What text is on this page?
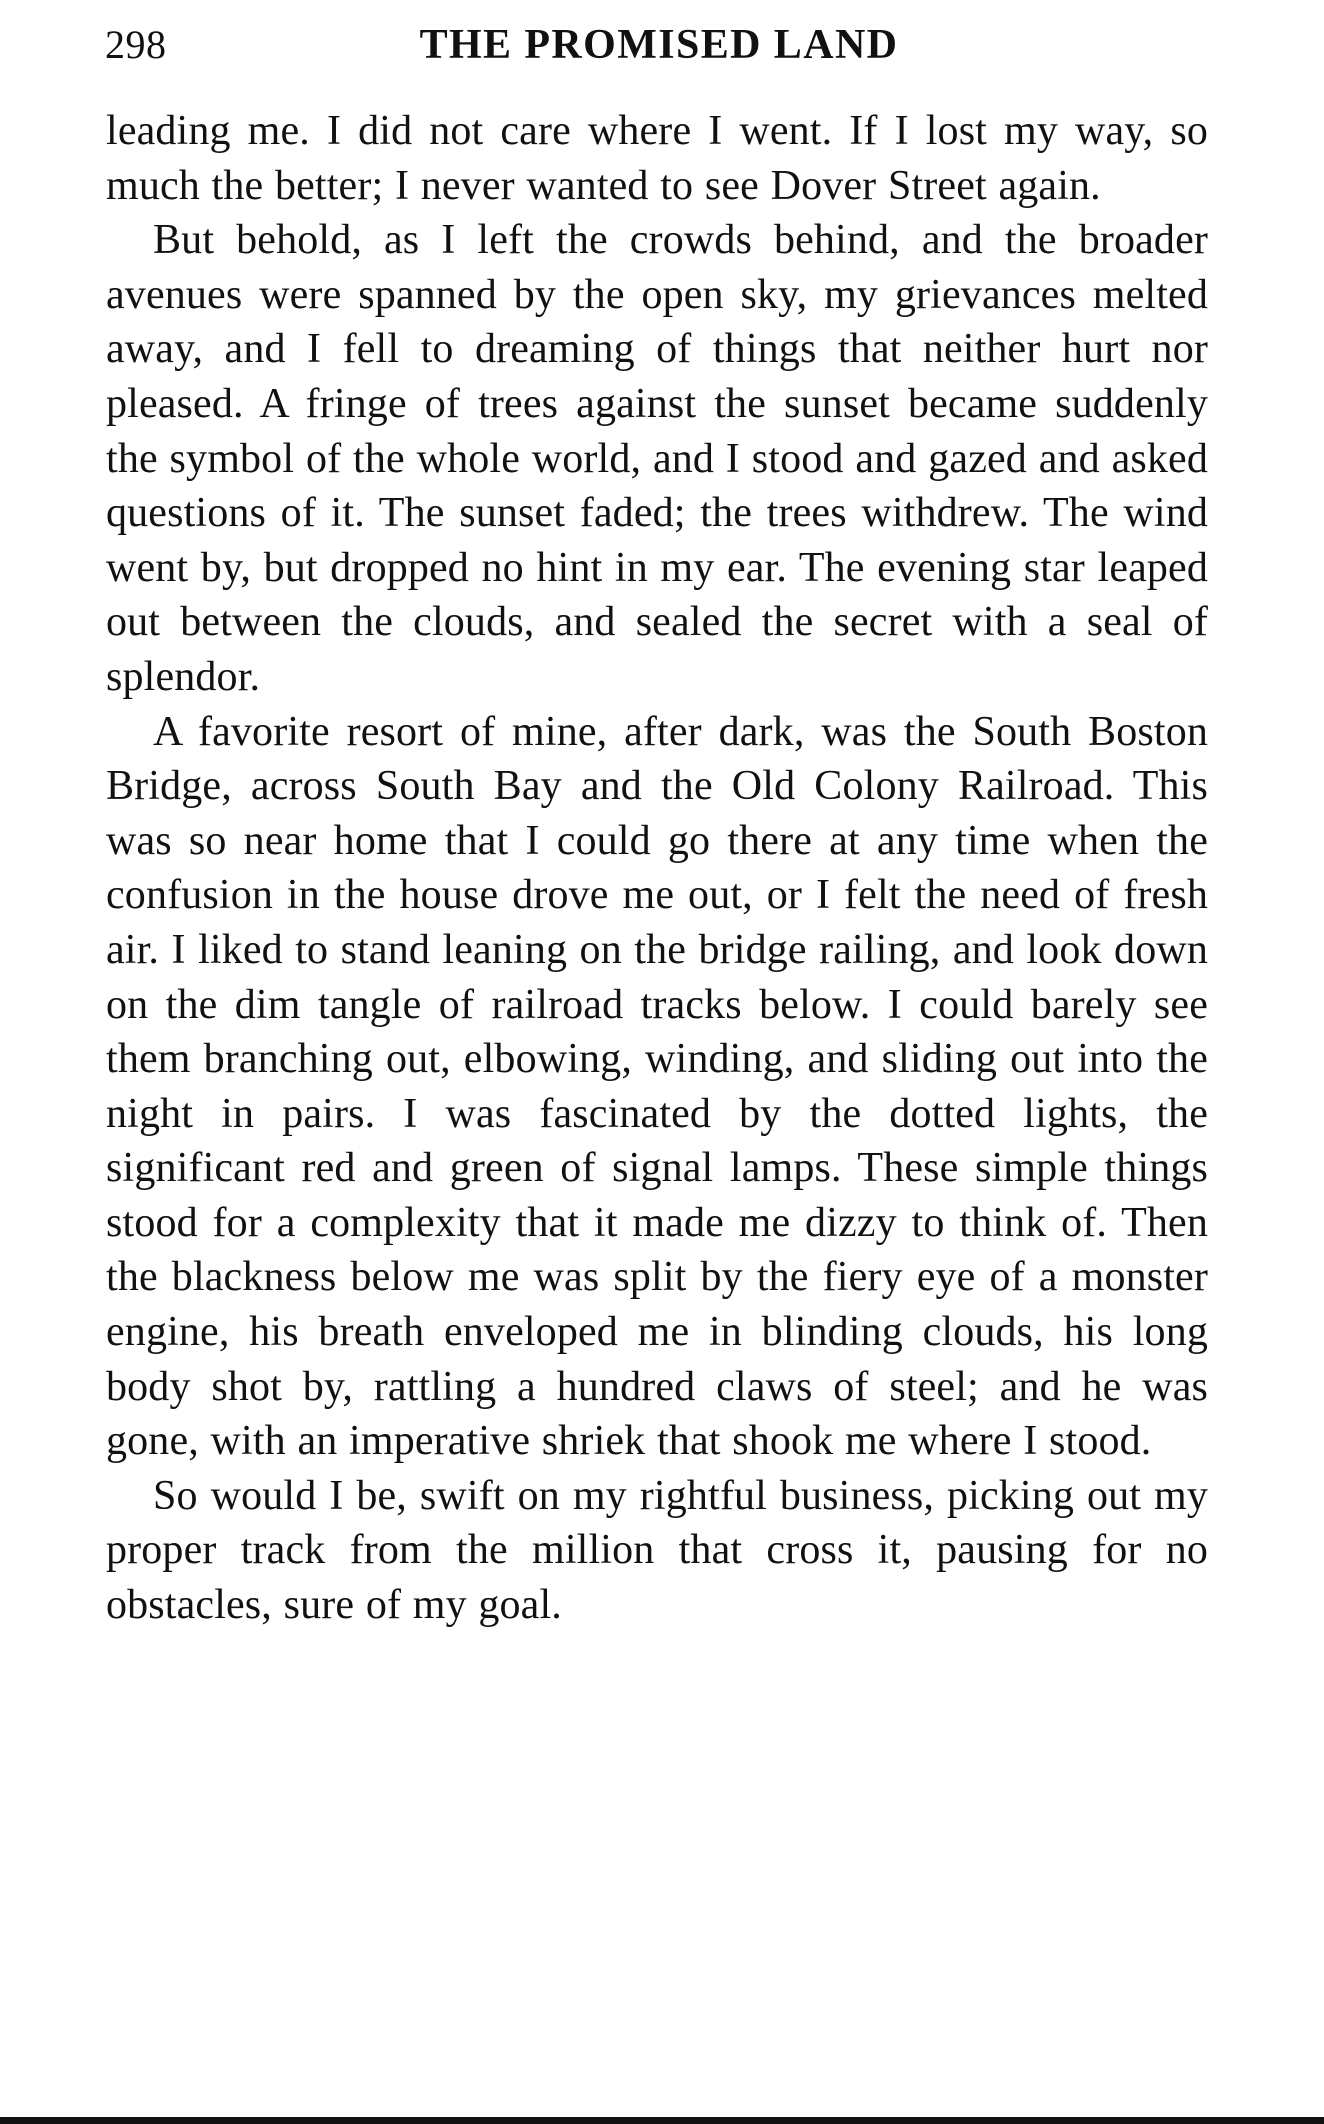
298	THE PROMISED LAND

leading me. I did not care where I went. If I lost my way, so much the better; I never wanted to see Dover Street again.

But behold, as I left the crowds behind, and the broader avenues were spanned by the open sky, my grievances melted away, and I fell to dreaming of things that neither hurt nor pleased. A fringe of trees against the sunset became suddenly the symbol of the whole world, and I stood and gazed and asked questions of it. The sunset faded; the trees withdrew. The wind went by, but dropped no hint in my ear. The evening star leaped out between the clouds, and sealed the secret with a seal of splendor.

A favorite resort of mine, after dark, was the South Boston Bridge, across South Bay and the Old Colony Railroad. This was so near home that I could go there at any time when the confusion in the house drove me out, or I felt the need of fresh air. I liked to stand leaning on the bridge railing, and look down on the dim tangle of railroad tracks below. I could barely see them branching out, elbowing, winding, and sliding out into the night in pairs. I was fascinated by the dotted lights, the significant red and green of signal lamps. These simple things stood for a complexity that it made me dizzy to think of. Then the blackness below me was split by the fiery eye of a monster engine, his breath enveloped me in blinding clouds, his long body shot by, rattling a hundred claws of steel; and he was gone, with an imperative shriek that shook me where I stood.

So would I be, swift on my rightful business, picking out my proper track from the million that cross it, pausing for no obstacles, sure of my goal.
